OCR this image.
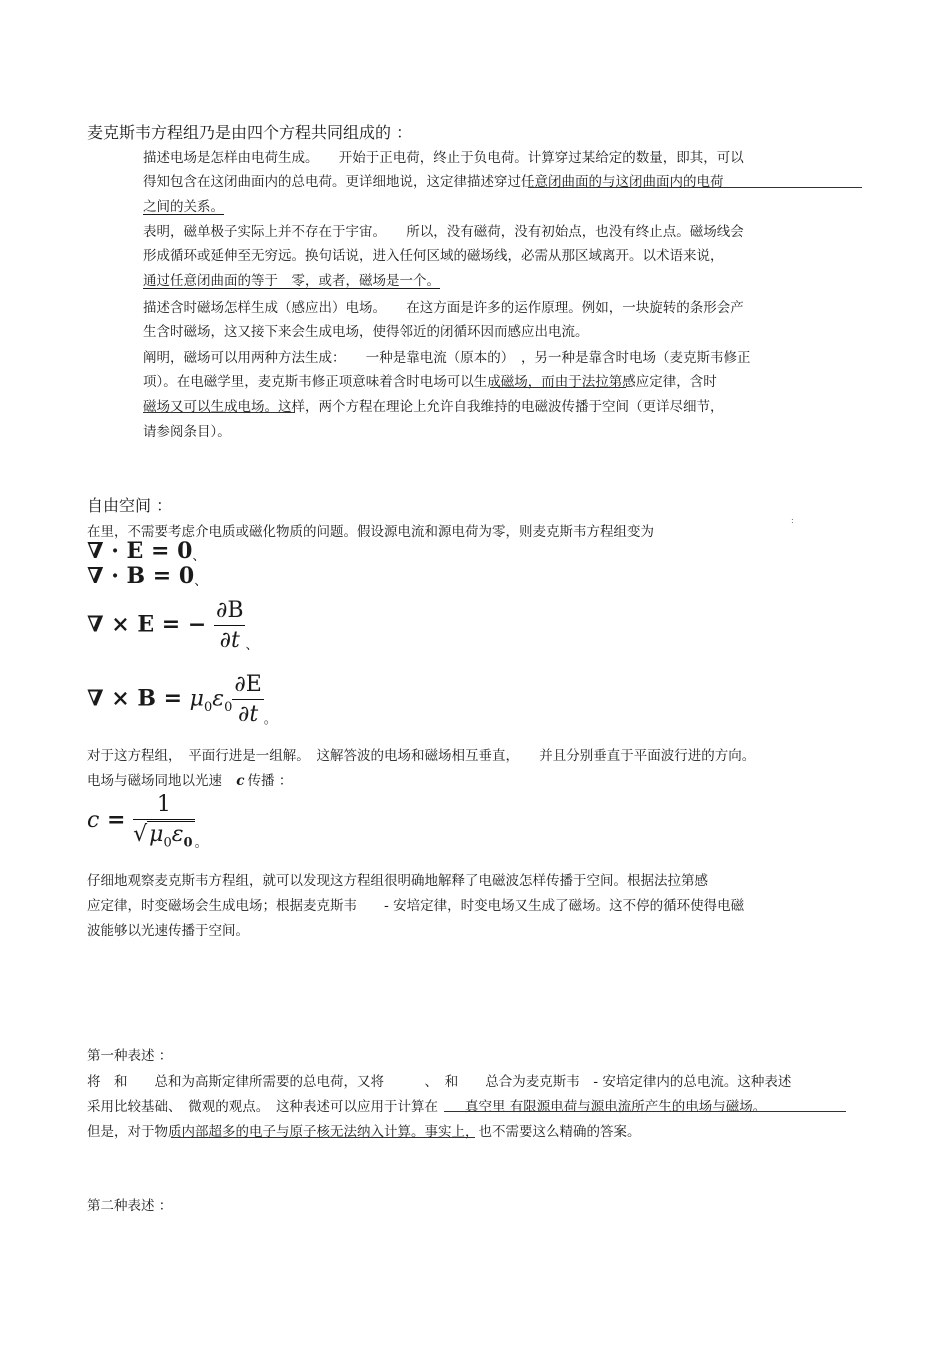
麦克斯韦方程组乃是由四个方程共同组成的 ：
描述电场是怎样由电荷生成。　　开始于正电荷，终止于负电荷。计算穿过某给定的数量，即其，可以
得知包含在这闭曲面内的总电荷。更详细地说，这定律描述穿过任意闭曲面的与这闭曲面内的电荷
之间的关系。
表明，磁单极子实际上并不存在于宇宙。　　所以，没有磁荷，没有初始点，也没有终止点。磁场线会
形成循环或延伸至无穷远。换句话说，进入任何区域的磁场线，必需从那区域离开。以术语来说，
通过任意闭曲面的等于　零，或者，磁场是一个。
描述含时磁场怎样生成（感应出）电场。　　在这方面是许多的运作原理。例如，一块旋转的条形会产
生含时磁场，这又接下来会生成电场，使得邻近的闭循环因而感应出电流。
阐明，磁场可以用两种方法生成：　　一种是靠电流（原本的）　，另一种是靠含时电场（麦克斯韦修正
项）。在电磁学里，麦克斯韦修正项意味着含时电场可以生成磁场，而由于法拉第感应定律，含时
磁场又可以生成电场。这样，两个方程在理论上允许自我维持的电磁波传播于空间（更详尽细节，
请参阅条目）。
自由空间 ：
在里，不需要考虑介电质或磁化物质的问题。假设源电流和源电荷为零，则麦克斯韦方程组变为
:
∇ · E = 0、
∇ · B = 0、
∇ × E = − $\frac{\partial B}{\partial t}$ 、
∇ × $B = \mu_0\varepsilon_0 \frac{\partial E}{\partial t}$ 。
对于这方程组，　平面行进是一组解。　这解答波的电场和磁场相互垂直，　　并且分别垂直于平面波行进的方向。
电场与磁场同地以光速 c 传播 ：
$c = \frac{1}{√\mu_0\varepsilon_0}$ 。
仔细地观察麦克斯韦方程组，就可以发现这方程组很明确地解释了电磁波怎样传播于空间。根据法拉第感
应定律，时变磁场会生成电场；根据麦克斯韦　　- 安培定律，时变电场又生成了磁场。这不停的循环使得电磁
波能够以光速传播于空间。
第一种表述 ：
将　和　　总和为高斯定律所需要的总电荷，又将　　　、　和　　总合为麦克斯韦　- 安培定律内的总电流。这种表述
采用比较基础、　微观的观点。　这种表述可以应用于计算在　　真空里 有限源电荷与源电流所产生的电场与磁场。
但是，对于物质内部超多的电子与原子核无法纳入计算。事实上，也不需要这么精确的答案。
第二种表述 ：
